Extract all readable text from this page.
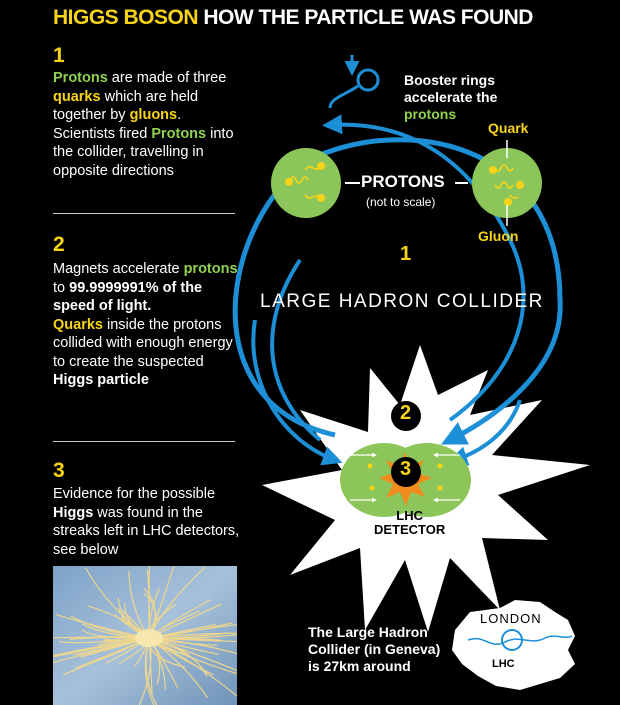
HIGGS BOSON HOW THE PARTICLE WAS FOUND
1
Protons are made of three quarks which are held together by gluons. Scientists fired Protons into the collider, travelling in opposite directions
2
Magnets accelerate protons to 99.9999991% of the speed of light.
Quarks inside the protons collided with enough energy to create the suspected Higgs particle
3
Evidence for the possible Higgs was found in the streaks left in LHC detectors, see below
Booster rings
accelerate the
protons
Quark
Gluon
PROTONS
(not to scale)
1
LARGE HADRON COLLIDER
2
3
LHC
DETECTOR
The Large Hadron
Collider (in Geneva)
is 27km around
LONDON
LHC
